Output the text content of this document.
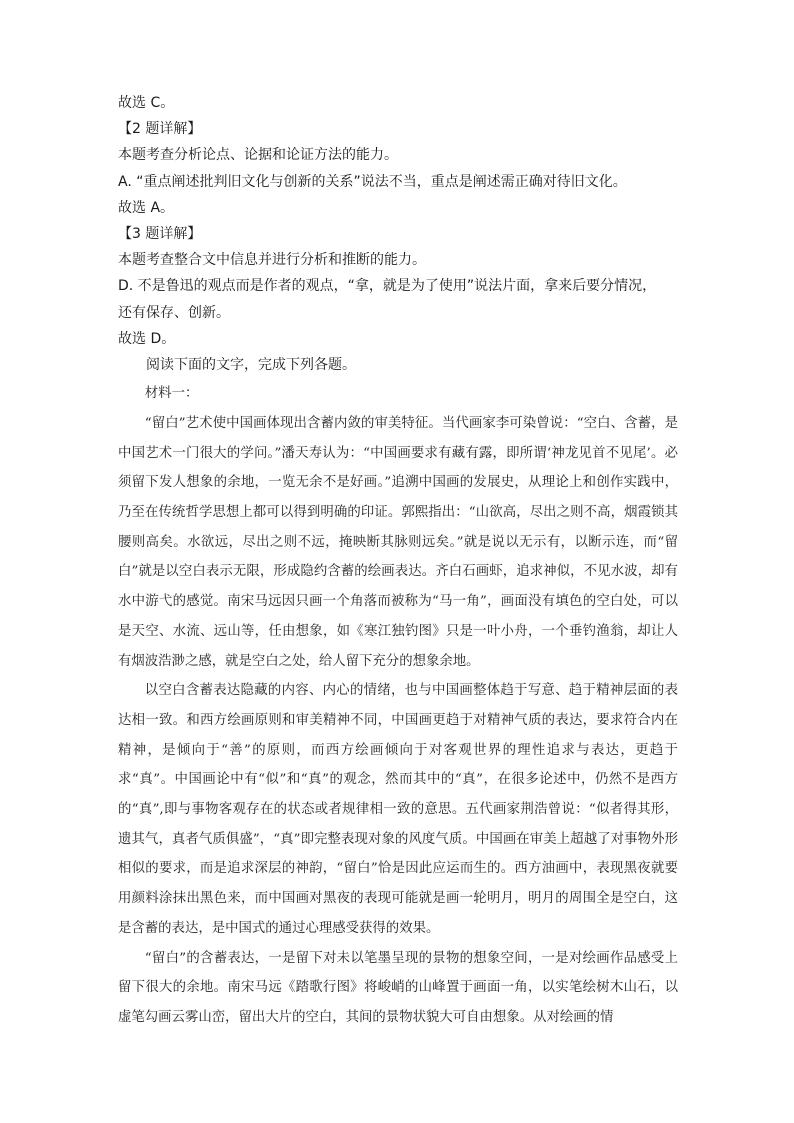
故选 C。
【2 题详解】
本题考查分析论点、论据和论证方法的能力。
A. “重点阐述批判旧文化与创新的关系”说法不当，重点是阐述需正确对待旧文化。
故选 A。
【3 题详解】
本题考查整合文中信息并进行分析和推断的能力。
D. 不是鲁迅的观点而是作者的观点，“拿，就是为了使用”说法片面，拿来后要分情况，
还有保存、创新。
故选 D。
阅读下面的文字，完成下列各题。

材料一：

“留白”艺术使中国画体现出含蓄内敛的审美特征。当代画家李可染曾说：“空白、含蓄，是中国艺术一门很大的学问。”潘天寿认为：“中国画要求有藏有露，即所谓‘神龙见首不见尾’。必须留下发人想象的余地，一览无余不是好画。”追溯中国画的发展史，从理论上和创作实践中，乃至在传统哲学思想上都可以得到明确的印证。郭熙指出：“山欲高，尽出之则不高，烟霞锁其腰则高矣。水欲远，尽出之则不远，掩映断其脉则远矣。”就是说以无示有，以断示连，而“留白”就是以空白表示无限，形成隐约含蓄的绘画表达。齐白石画虾，追求神似，不见水波，却有水中游弋的感觉。南宋马远因只画一个角落而被称为“马一角”，画面没有填色的空白处，可以是天空、水流、远山等，任由想象，如《寒江独钓图》只是一叶小舟，一个垂钓渔翁，却让人有烟波浩渺之感，就是空白之处，给人留下充分的想象余地。

以空白含蓄表达隐藏的内容、内心的情绪，也与中国画整体趋于写意、趋于精神层面的表达相一致。和西方绘画原则和审美精神不同，中国画更趋于对精神气质的表达，要求符合内在精神，是倾向于“善”的原则，而西方绘画倾向于对客观世界的理性追求与表达，更趋于求“真”。中国画论中有“似”和“真”的观念，然而其中的“真”，在很多论述中，仍然不是西方的“真”,即与事物客观存在的状态或者规律相一致的意思。五代画家荆浩曾说：“似者得其形，遗其气，真者气质俱盛”，“真”即完整表现对象的风度气质。中国画在审美上超越了对事物外形相似的要求，而是追求深层的神韵，“留白”恰是因此应运而生的。西方油画中，表现黑夜就要用颜料涂抹出黑色来，而中国画对黑夜的表现可能就是画一轮明月，明月的周围全是空白，这是含蓄的表达，是中国式的通过心理感受获得的效果。

“留白”的含蓄表达，一是留下对未以笔墨呈现的景物的想象空间，一是对绘画作品感受上留下很大的余地。南宋马远《踏歌行图》将峻峭的山峰置于画面一角，以实笔绘树木山石，以虚笔勾画云雾山峦，留出大片的空白，其间的景物状貌大可自由想象。从对绘画的情
